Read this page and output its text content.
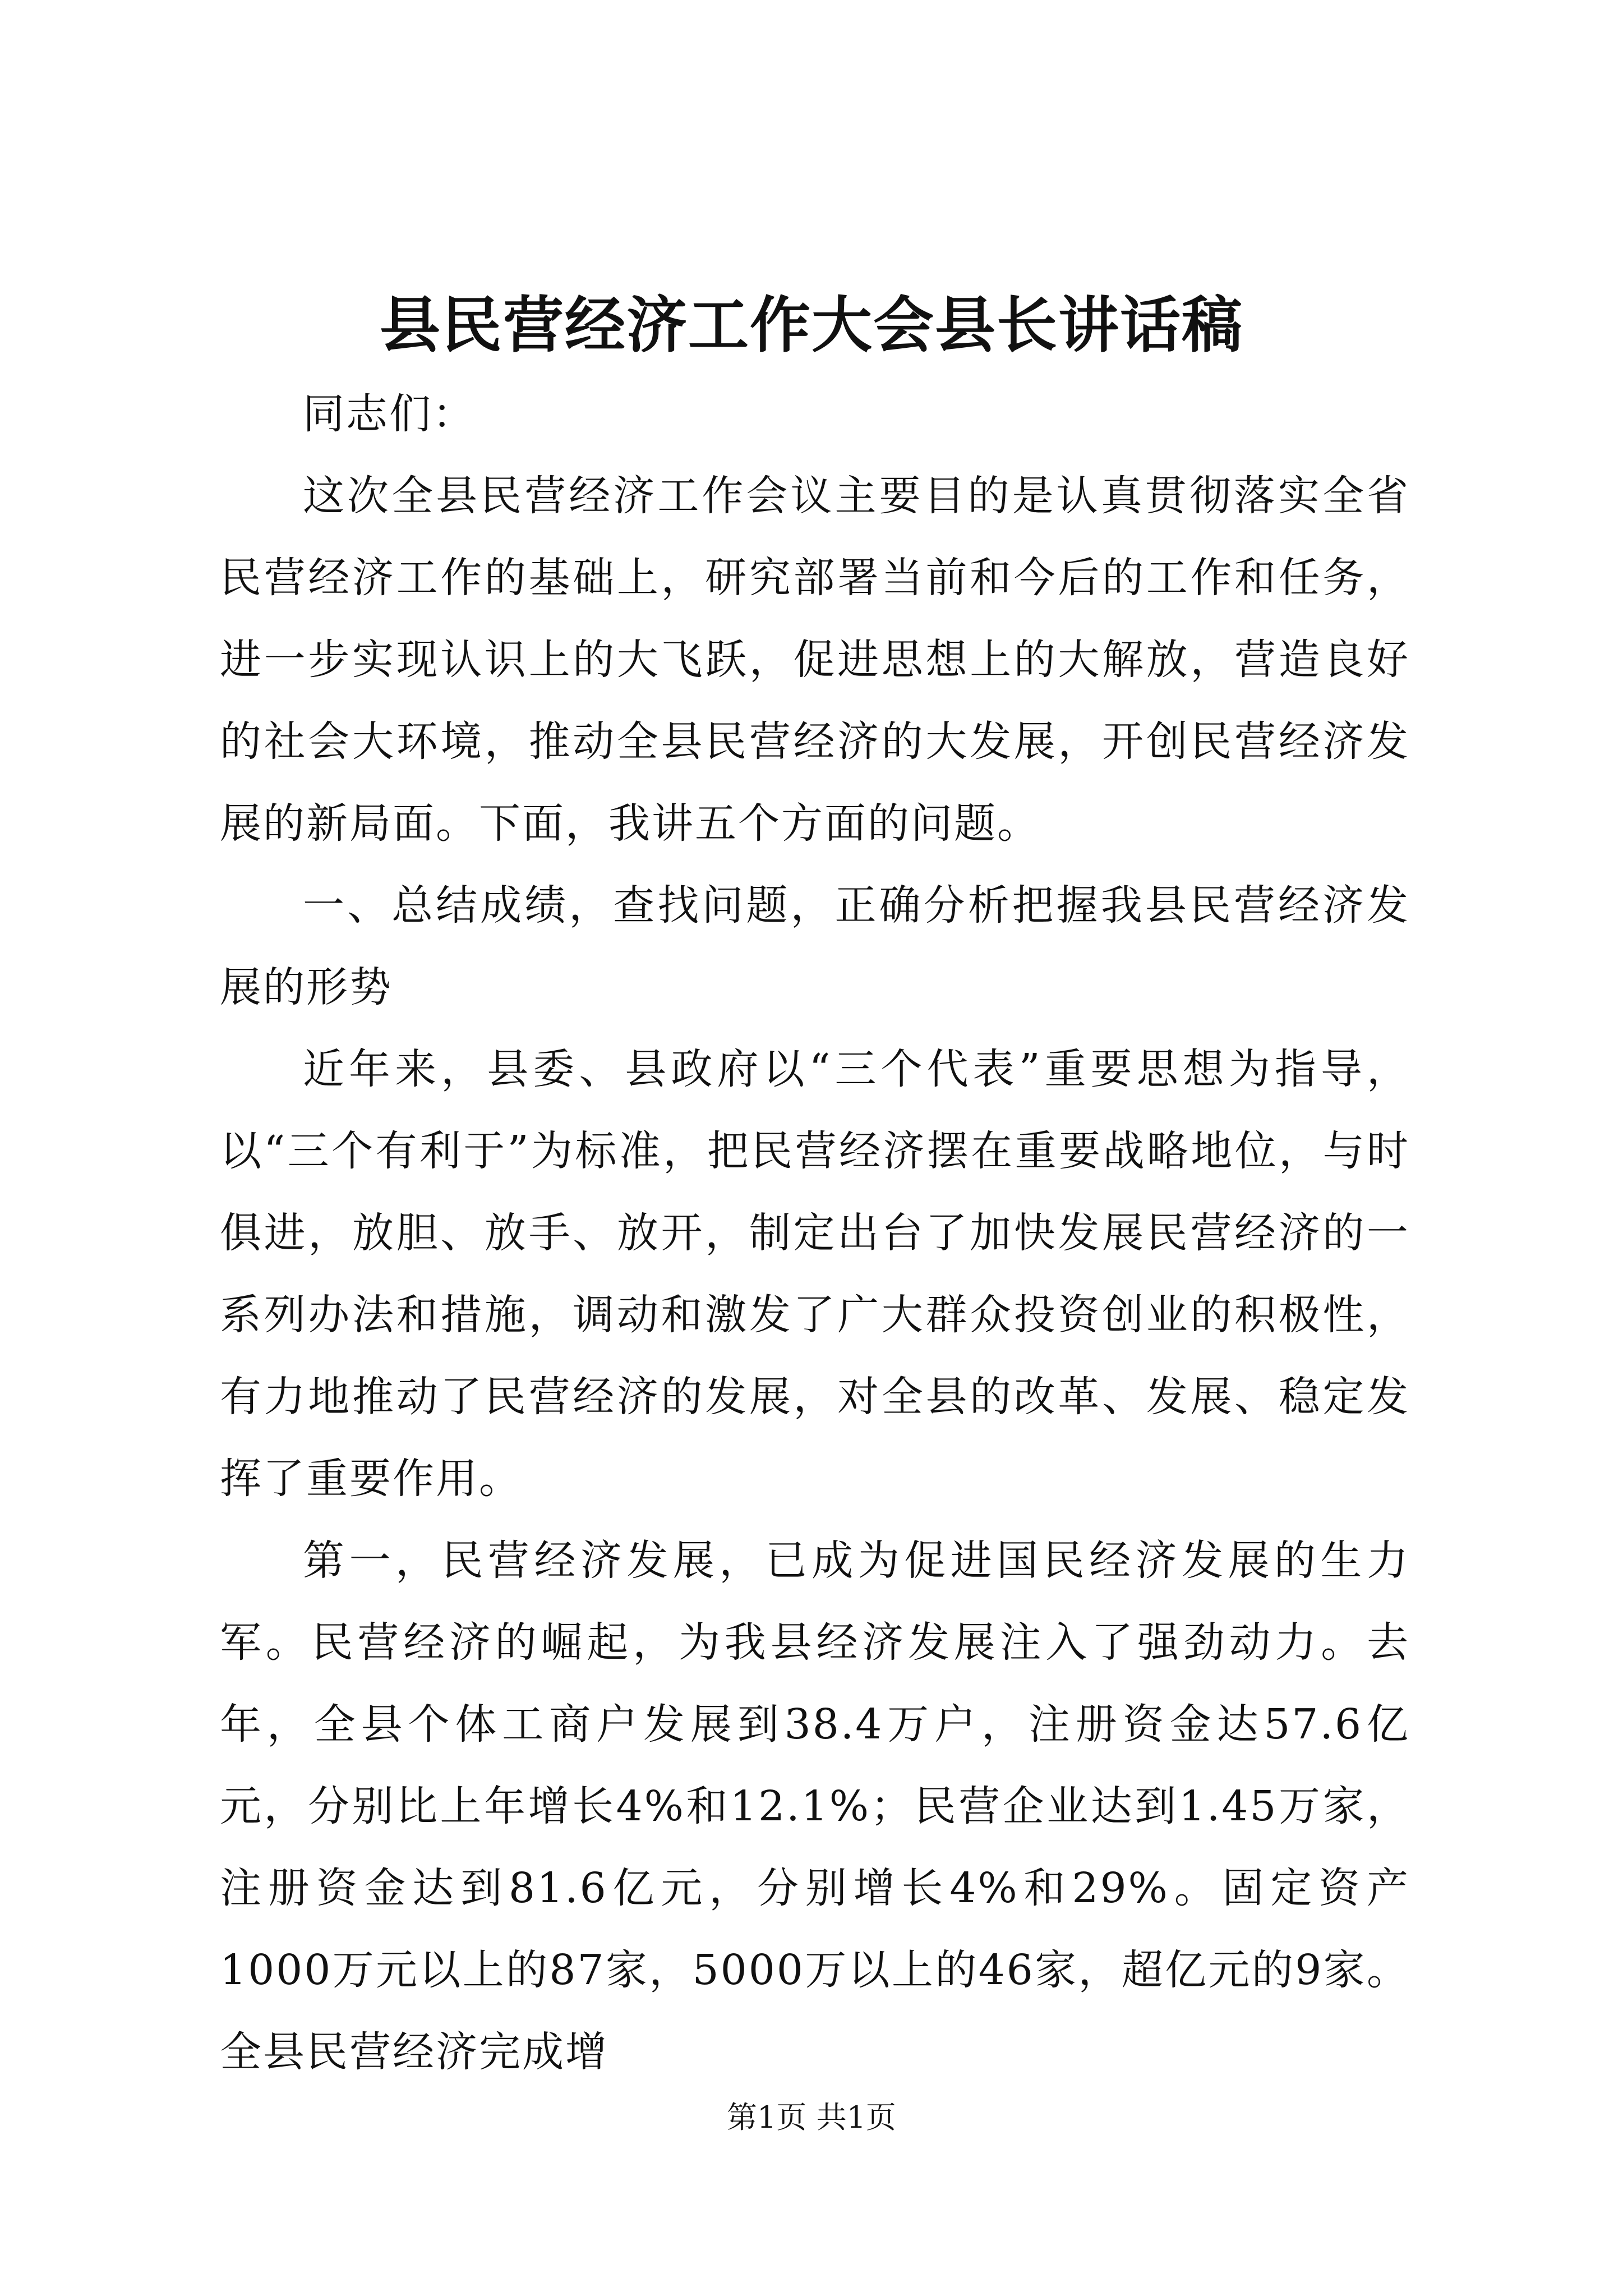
县民营经济工作大会县长讲话稿

同志们：

这次全县民营经济工作会议主要目的是认真贯彻落实全省民营经济工作的基础上，研究部署当前和今后的工作和任务，进一步实现认识上的大飞跃，促进思想上的大解放，营造良好的社会大环境，推动全县民营经济的大发展，开创民营经济发展的新局面。下面，我讲五个方面的问题。

一、总结成绩，查找问题，正确分析把握我县民营经济发展的形势

近年来，县委、县政府以“三个代表”重要思想为指导，以“三个有利于”为标准，把民营经济摆在重要战略地位，与时俱进，放胆、放手、放开，制定出台了加快发展民营经济的一系列办法和措施，调动和激发了广大群众投资创业的积极性，有力地推动了民营经济的发展，对全县的改革、发展、稳定发挥了重要作用。

第一，民营经济发展，已成为促进国民经济发展的生力军。民营经济的崛起，为我县经济发展注入了强劲动力。去年，全县个体工商户发展到38.4万户，注册资金达57.6亿元，分别比上年增长4%和12.1%；民营企业达到1.45万家，注册资金达到81.6亿元，分别增长4%和29%。固定资产1000万元以上的87家，5000万以上的46家，超亿元的9家。全县民营经济完成增

第1页 共1页
